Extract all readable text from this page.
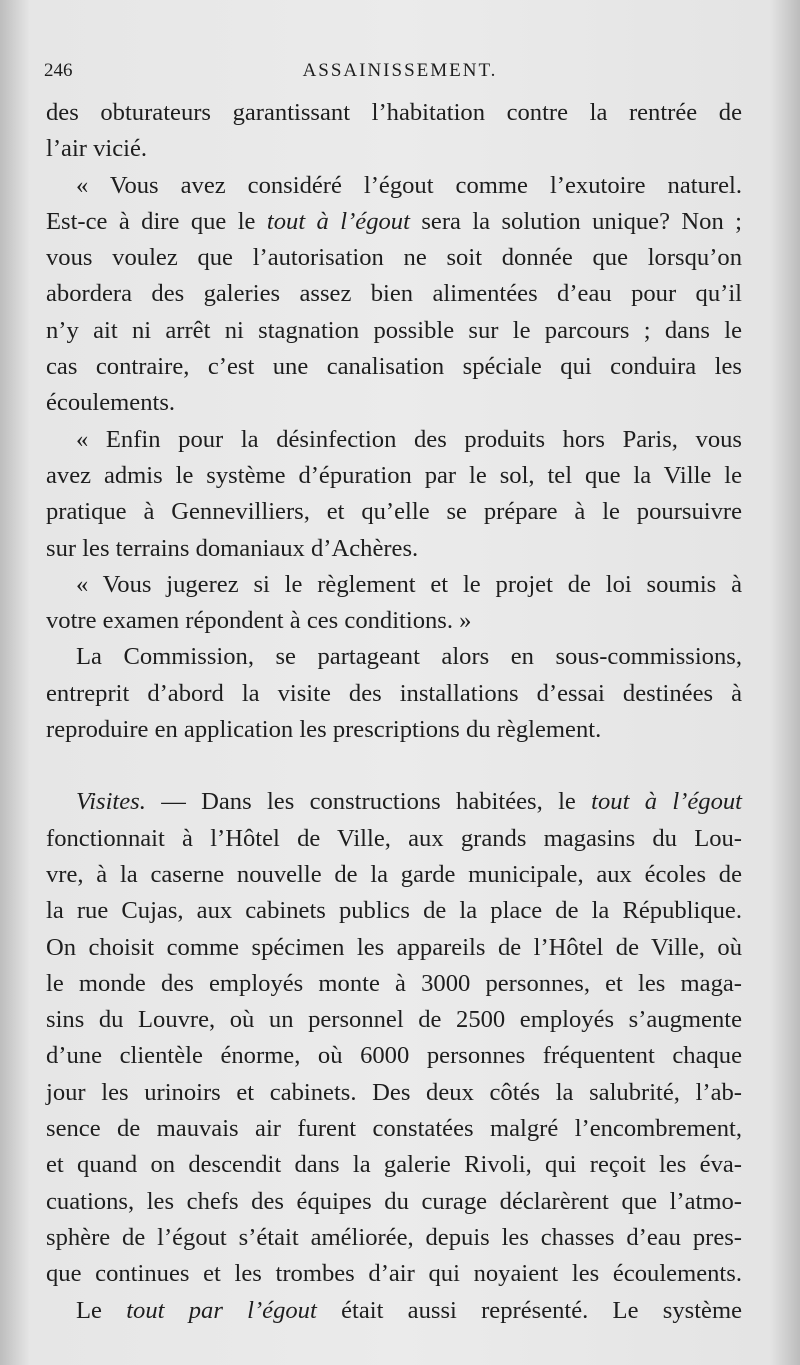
246	ASSAINISSEMENT.
des obturateurs garantissant l’habitation contre la rentrée de
l’air vicié.
« Vous avez considéré l’égout comme l’exutoire naturel.
Est-ce à dire que le tout à l’égout sera la solution unique? Non ;
vous voulez que l’autorisation ne soit donnée que lorsqu’on
abordera des galeries assez bien alimentées d’eau pour qu’il
n’y ait ni arrêt ni stagnation possible sur le parcours ; dans le
cas contraire, c’est une canalisation spéciale qui conduira les
écoulements.
« Enfin pour la désinfection des produits hors Paris, vous
avez admis le système d’épuration par le sol, tel que la Ville le
pratique à Gennevilliers, et qu’elle se prépare à le poursuivre
sur les terrains domaniaux d’Achères.
« Vous jugerez si le règlement et le projet de loi soumis à
votre examen répondent à ces conditions. »
La Commission, se partageant alors en sous-commissions,
entreprit d’abord la visite des installations d’essai destinées à
reproduire en application les prescriptions du règlement.
Visites. — Dans les constructions habitées, le tout à l’égout
fonctionnait à l’Hôtel de Ville, aux grands magasins du Lou-
vre, à la caserne nouvelle de la garde municipale, aux écoles de
la rue Cujas, aux cabinets publics de la place de la République.
On choisit comme spécimen les appareils de l’Hôtel de Ville, où
le monde des employés monte à 3000 personnes, et les maga-
sins du Louvre, où un personnel de 2500 employés s’augmente
d’une clientèle énorme, où 6000 personnes fréquentent chaque
jour les urinoirs et cabinets. Des deux côtés la salubrité, l’ab-
sence de mauvais air furent constatées malgré l’encombrement,
et quand on descendit dans la galerie Rivoli, qui reçoit les éva-
cuations, les chefs des équipes du curage déclarèrent que l’atmo-
sphère de l’égout s’était améliorée, depuis les chasses d’eau pres-
que continues et les trombes d’air qui noyaient les écoulements.
Le tout par l’égout était aussi représenté. Le système
